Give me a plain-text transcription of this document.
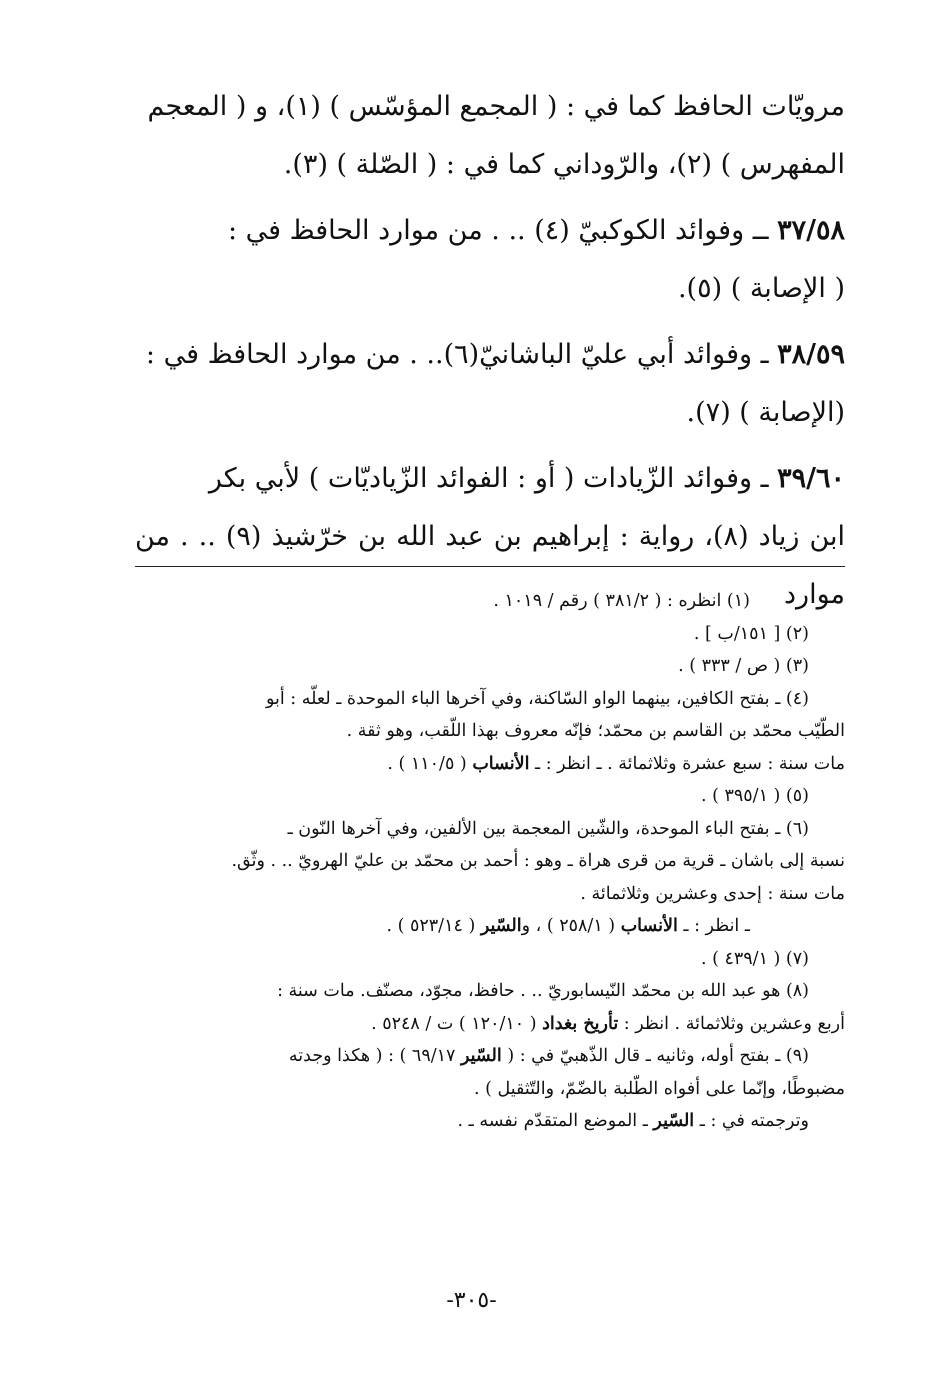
مرويّات الحافظ كما في : ( المجمع المؤسّس ) (١)، و ( المعجم

المفهرس ) (٢)، والرّوداني كما في : ( الصّلة ) (٣).

٣٧/٥٨ ــ وفوائد الكوكبيّ (٤) .. . من موارد الحافظ في :

( الإصابة ) (٥).

٣٨/٥٩ ـ وفوائد أبي عليّ الباشانيّ(٦).. . من موارد الحافظ في :

(الإصابة ) (٧).

٣٩/٦٠ ـ وفوائد الزّيادات ( أو : الفوائد الزّياديّات ) لأبي بكر

ابن زياد (٨)، رواية : إبراهيم بن عبد الله بن خرّشيذ (٩) .. . من موارد

(١) انظره : ( ٣٨١/٢ ) رقم / ١٠١٩ .

(٢) [ ١٥١/ب ] .

(٣) ( ص / ٣٣٣ ) .

(٤) ـ بفتح الكافين، بينهما الواو السّاكنة، وفي آخرها الباء الموحدة ـ لعلّه : أبو

الطّيّب محمّد بن القاسم بن محمّد؛ فإنّه معروف بهذا اللّقب، وهو ثقة .

مات سنة : سبع عشرة وثلاثمائة . ـ انظر : ـ الأنساب ( ١١٠/٥ ) .

(٥) ( ٣٩٥/١ ) .

(٦) ـ بفتح الباء الموحدة، والشّين المعجمة بين الألفين، وفي آخرها النّون ـ

نسبة إلى باشان ـ قرية من قرى هراة ـ وهو : أحمد بن محمّد بن عليّ الهرويّ .. . وثّق.

مات سنة : إحدى وعشرين وثلاثمائة .

ـ انظر : ـ الأنساب ( ٢٥٨/١ ) ، والسّير ( ٥٢٣/١٤ ) .

(٧) ( ٤٣٩/١ ) .

(٨) هو عبد الله بن محمّد النّيسابوريّ .. . حافظ، مجوّد، مصنّف. مات سنة :

أربع وعشرين وثلاثمائة . انظر : تأريخ بغداد ( ١٢٠/١٠ ) ت / ٥٢٤٨ .

(٩) ـ بفتح أوله، وثانيه ـ قال الذّهبيّ في : ( السّير ٦٩/١٧ ) : ( هكذا وجدته

مضبوطًا، وإنّما على أفواه الطّلبة بالضّمّ، والتّثقيل ) .

وترجمته في : ـ السّير ـ الموضع المتقدّم نفسه ـ .

-٣٠٥-
